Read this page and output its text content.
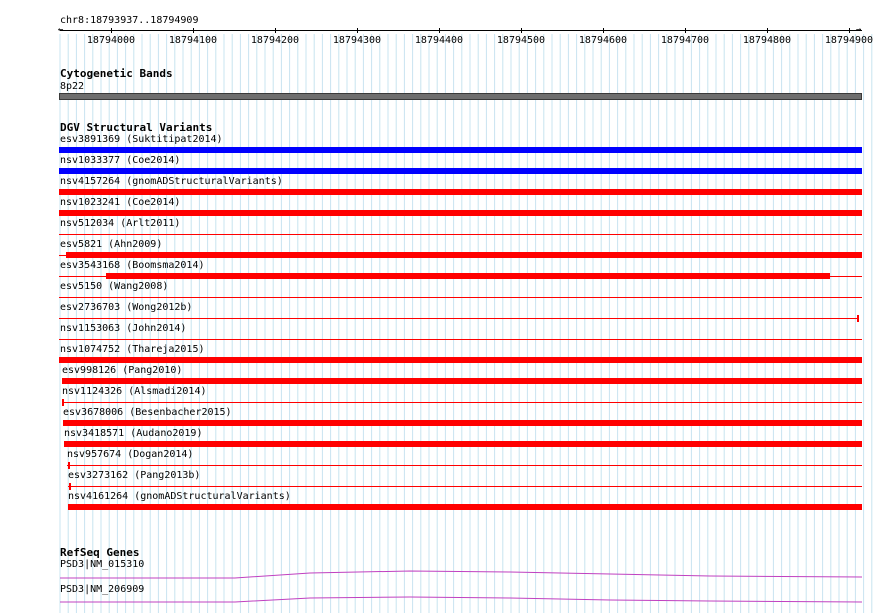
chr8:18793937..18794909
←	→
18794000	18794100	18794200	18794300	18794400	18794500	18794600	18794700	18794800	18794900
Cytogenetic Bands
8p22
DGV Structural Variants
esv3891369 (Suktitipat2014)
nsv1033377 (Coe2014)
nsv4157264 (gnomADStructuralVariants)
nsv1023241 (Coe2014)
nsv512034 (Arlt2011)
esv5821 (Ahn2009)
esv3543168 (Boomsma2014)
esv5150 (Wang2008)
esv2736703 (Wong2012b)
nsv1153063 (John2014)
nsv1074752 (Thareja2015)
esv998126 (Pang2010)
nsv1124326 (Alsmadi2014)
esv3678006 (Besenbacher2015)
nsv3418571 (Audano2019)
nsv957674 (Dogan2014)
esv3273162 (Pang2013b)
nsv4161264 (gnomADStructuralVariants)
RefSeq Genes
PSD3|NM_015310
PSD3|NM_206909
